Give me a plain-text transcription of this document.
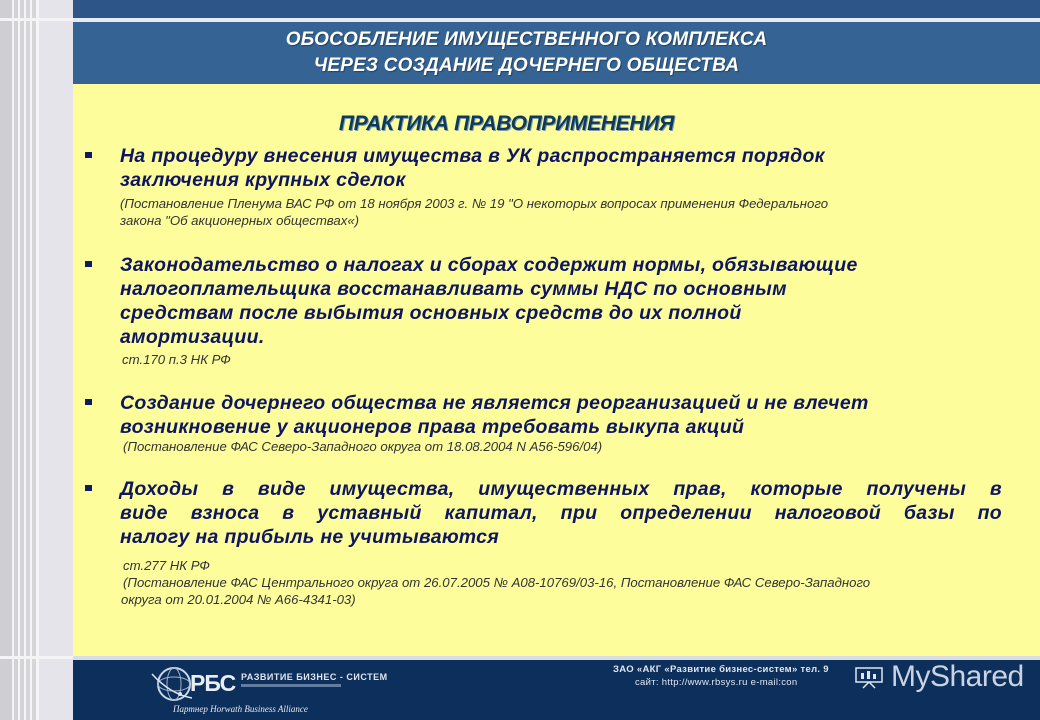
ОБОСОБЛЕНИЕ ИМУЩЕСТВЕННОГО КОМПЛЕКСА
ЧЕРЕЗ СОЗДАНИЕ ДОЧЕРНЕГО ОБЩЕСТВА
ПРАКТИКА ПРАВОПРИМЕНЕНИЯ
На процедуру внесения имущества в УК распространяется порядок
заключения крупных сделок
(Постановление Пленума ВАС РФ от 18 ноября 2003 г. № 19 "О некоторых вопросах применения Федерального
закона "Об акционерных обществах«)
Законодательство о налогах и сборах содержит нормы, обязывающие
налогоплательщика восстанавливать суммы НДС по основным
средствам после выбытия основных средств до их полной
амортизации.
ст.170 п.3 НК РФ
Создание дочернего общества не является реорганизацией и не влечет
возникновение у акционеров права требовать выкупа акций
(Постановление ФАС Северо-Западного округа от 18.08.2004 N А56-596/04)
Доходы в виде имущества, имущественных прав, которые получены в
виде взноса в уставный капитал, при определении налоговой базы по
налогу на прибыль не учитываются
ст.277 НК РФ
(Постановление ФАС Центрального округа от 26.07.2005 № А08-10769/03-16, Постановление ФАС Северо-Западного
округа от 20.01.2004 № А66-4341-03)
РБС РАЗВИТИЕ БИЗНЕС - СИСТЕМ
Партнер Horwath Business Alliance
ЗАО «АКГ «Развитие бизнес-систем» тел. 9
сайт: http://www.rbsys.ru e-mail:con	MyShared
